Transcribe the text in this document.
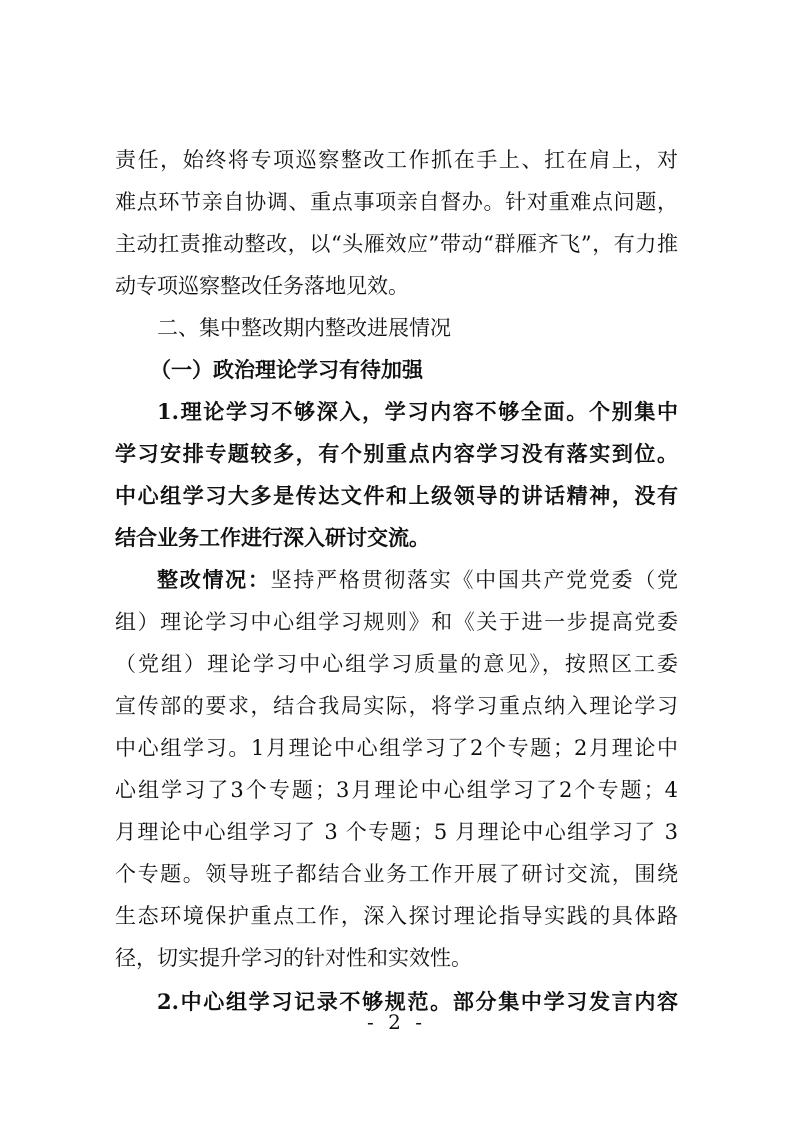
责任，始终将专项巡察整改工作抓在手上、扛在肩上，对
难点环节亲自协调、重点事项亲自督办。针对重难点问题，
主动扛责推动整改，以“头雁效应”带动“群雁齐飞”，有力推
动专项巡察整改任务落地见效。
二、集中整改期内整改进展情况
（一）政治理论学习有待加强
1.理论学习不够深入，学习内容不够全面。个别集中
学习安排专题较多，有个别重点内容学习没有落实到位。
中心组学习大多是传达文件和上级领导的讲话精神，没有
结合业务工作进行深入研讨交流。
整改情况：坚持严格贯彻落实《中国共产党党委（党
组）理论学习中心组学习规则》和《关于进一步提高党委
（党组）理论学习中心组学习质量的意见》，按照区工委
宣传部的要求，结合我局实际，将学习重点纳入理论学习
中心组学习。1月理论中心组学习了2个专题；2月理论中
心组学习了3个专题；3月理论中心组学习了2个专题；4
月理论中心组学习了 3 个专题；5 月理论中心组学习了 3
个专题。领导班子都结合业务工作开展了研讨交流，围绕
生态环境保护重点工作，深入探讨理论指导实践的具体路
径，切实提升学习的针对性和实效性。
2.中心组学习记录不够规范。部分集中学习发言内容
- 2 -
